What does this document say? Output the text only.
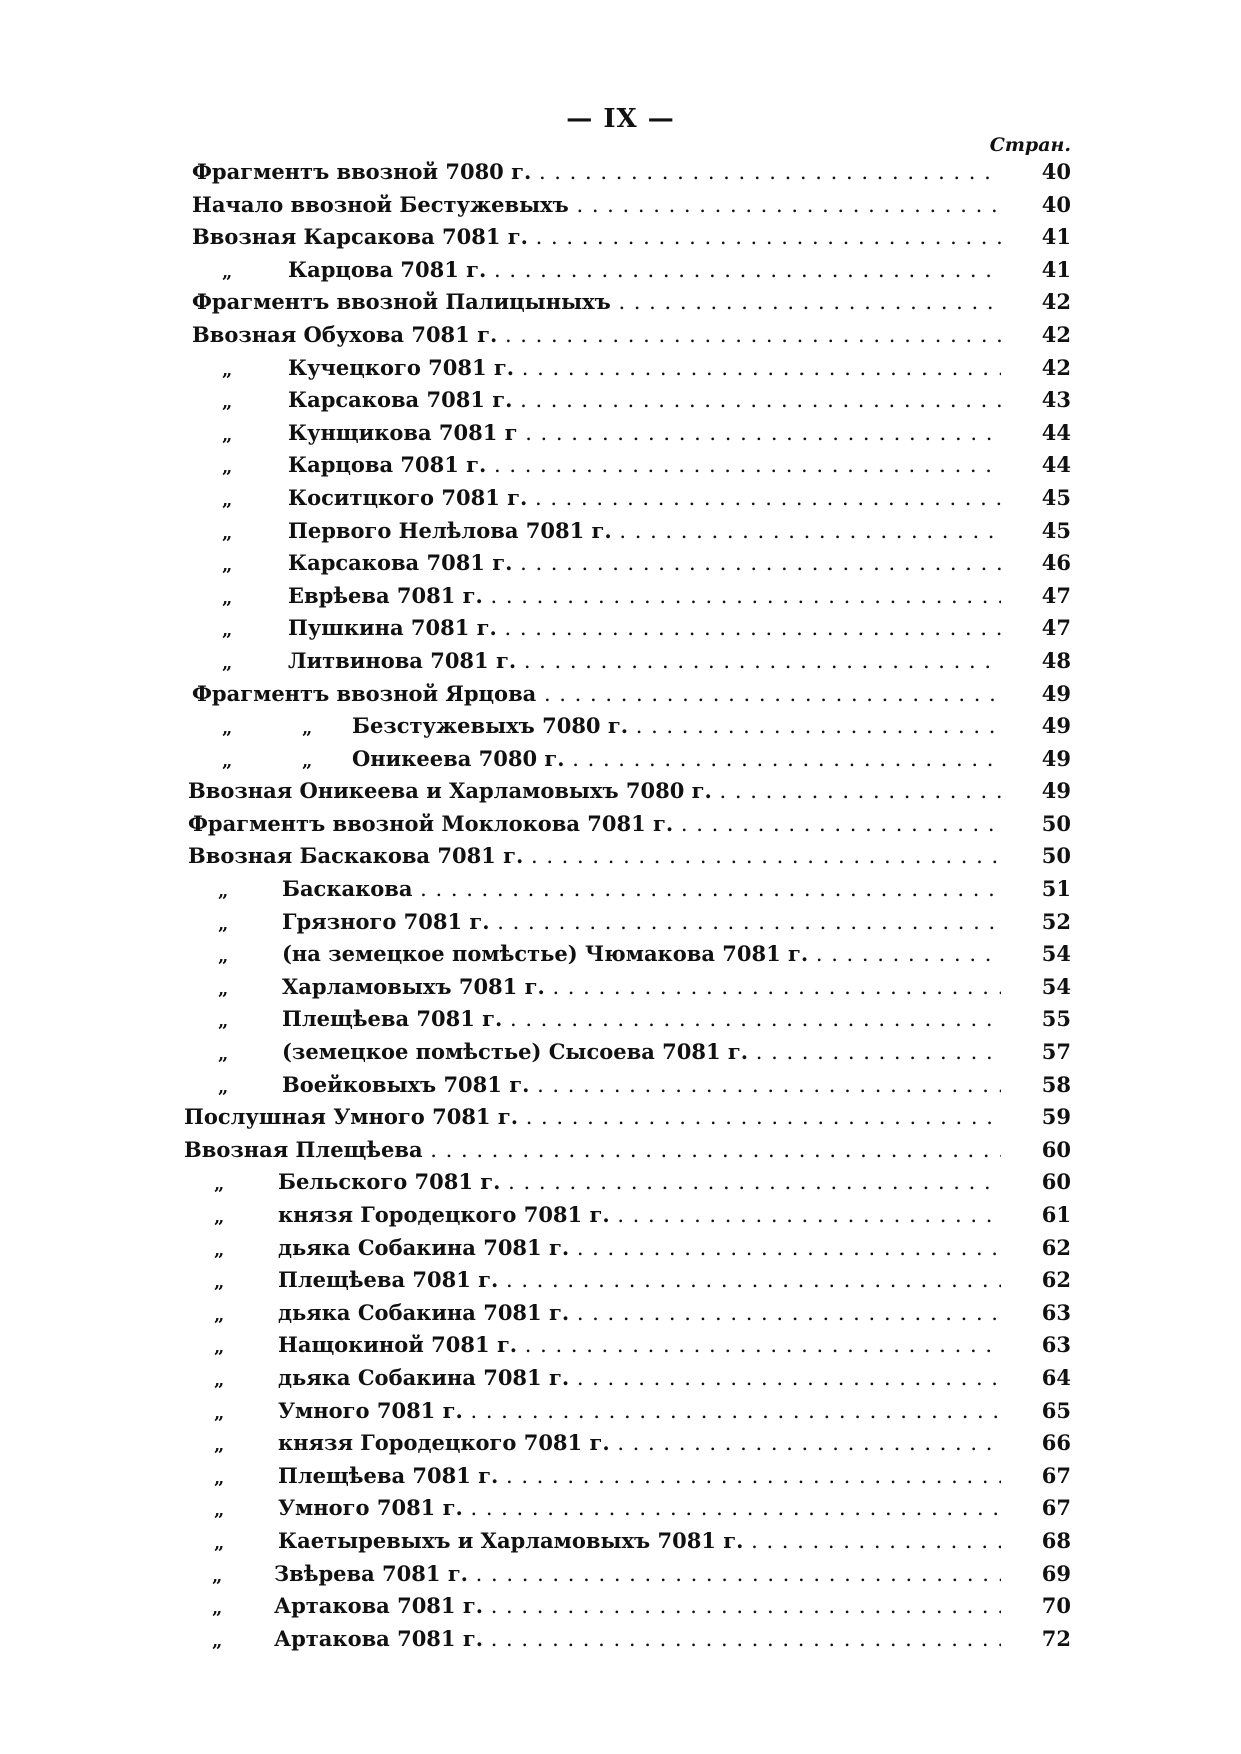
— IX —
Стран.
Фрагментъ ввозной 7080 г. . . .	40
Начало ввозной Бестужевыхъ . . .	40
Ввозная Карсакова 7081 г. . . .	41
„	Карцова 7081 г. . . .	41
Фрагментъ ввозной Палицыныхъ . . .	42
Ввозная Обухова 7081 г. . . .	42
„	Кучецкого 7081 г. . . .	42
„	Карсакова 7081 г. . . .	43
„	Кунщикова 7081 г . . .	44
„	Карцова 7081 г. . . .	44
„	Коситцкого 7081 г. . . .	45
„	Первого Нелѣлова 7081 г. . . .	45
„	Карсакова 7081 г. . . .	46
„	Еврѣева 7081 г. . . .	47
„	Пушкина 7081 г. . . .	47
„	Литвинова 7081 г. . . .	48
Фрагментъ ввозной Ярцова . . .	49
„	„ Безстужевыхъ 7080 г. . . .	49
„	„ Оникеева 7080 г. . . .	49
Ввозная Оникеева и Харламовыхъ 7080 г. . . .	49
Фрагментъ ввозной Моклокова 7081 г. . . .	50
Ввозная Баскакова 7081 г. . . .	50
„	Баскакова . . .	51
„	Грязного 7081 г. . . .	52
„	(на земецкое помѣстье) Чюмакова 7081 г. . . .	54
„	Харламовыхъ 7081 г. . . .	54
„	Плещѣева 7081 г. . . .	55
„	(земецкое помѣстье) Сысоева 7081 г. . . .	57
„	Воейковыхъ 7081 г. . . .	58
Послушная Умного 7081 г. . . .	59
Ввозная Плещѣева . . .	60
„	Бельского 7081 г. . . .	60
„	князя Городецкого 7081 г. . . .	61
„	дьяка Собакина 7081 г. . . .	62
„	Плещѣева 7081 г. . . .	62
„	дьяка Собакина 7081 г. . . .	63
„	Нащокиной 7081 г. . . .	63
„	дьяка Собакина 7081 г. . . .	64
„	Умного 7081 г. . . .	65
„	князя Городецкого 7081 г. . . .	66
„	Плещѣева 7081 г. . . .	67
„	Умного 7081 г. . . .	67
„	Каетыревыхъ и Харламовыхъ 7081 г. . . .	68
„ Звѣрева 7081 г. . . .	69
„ Артакова 7081 г. . . .	70
„ Артакова 7081 г. . . .	72
